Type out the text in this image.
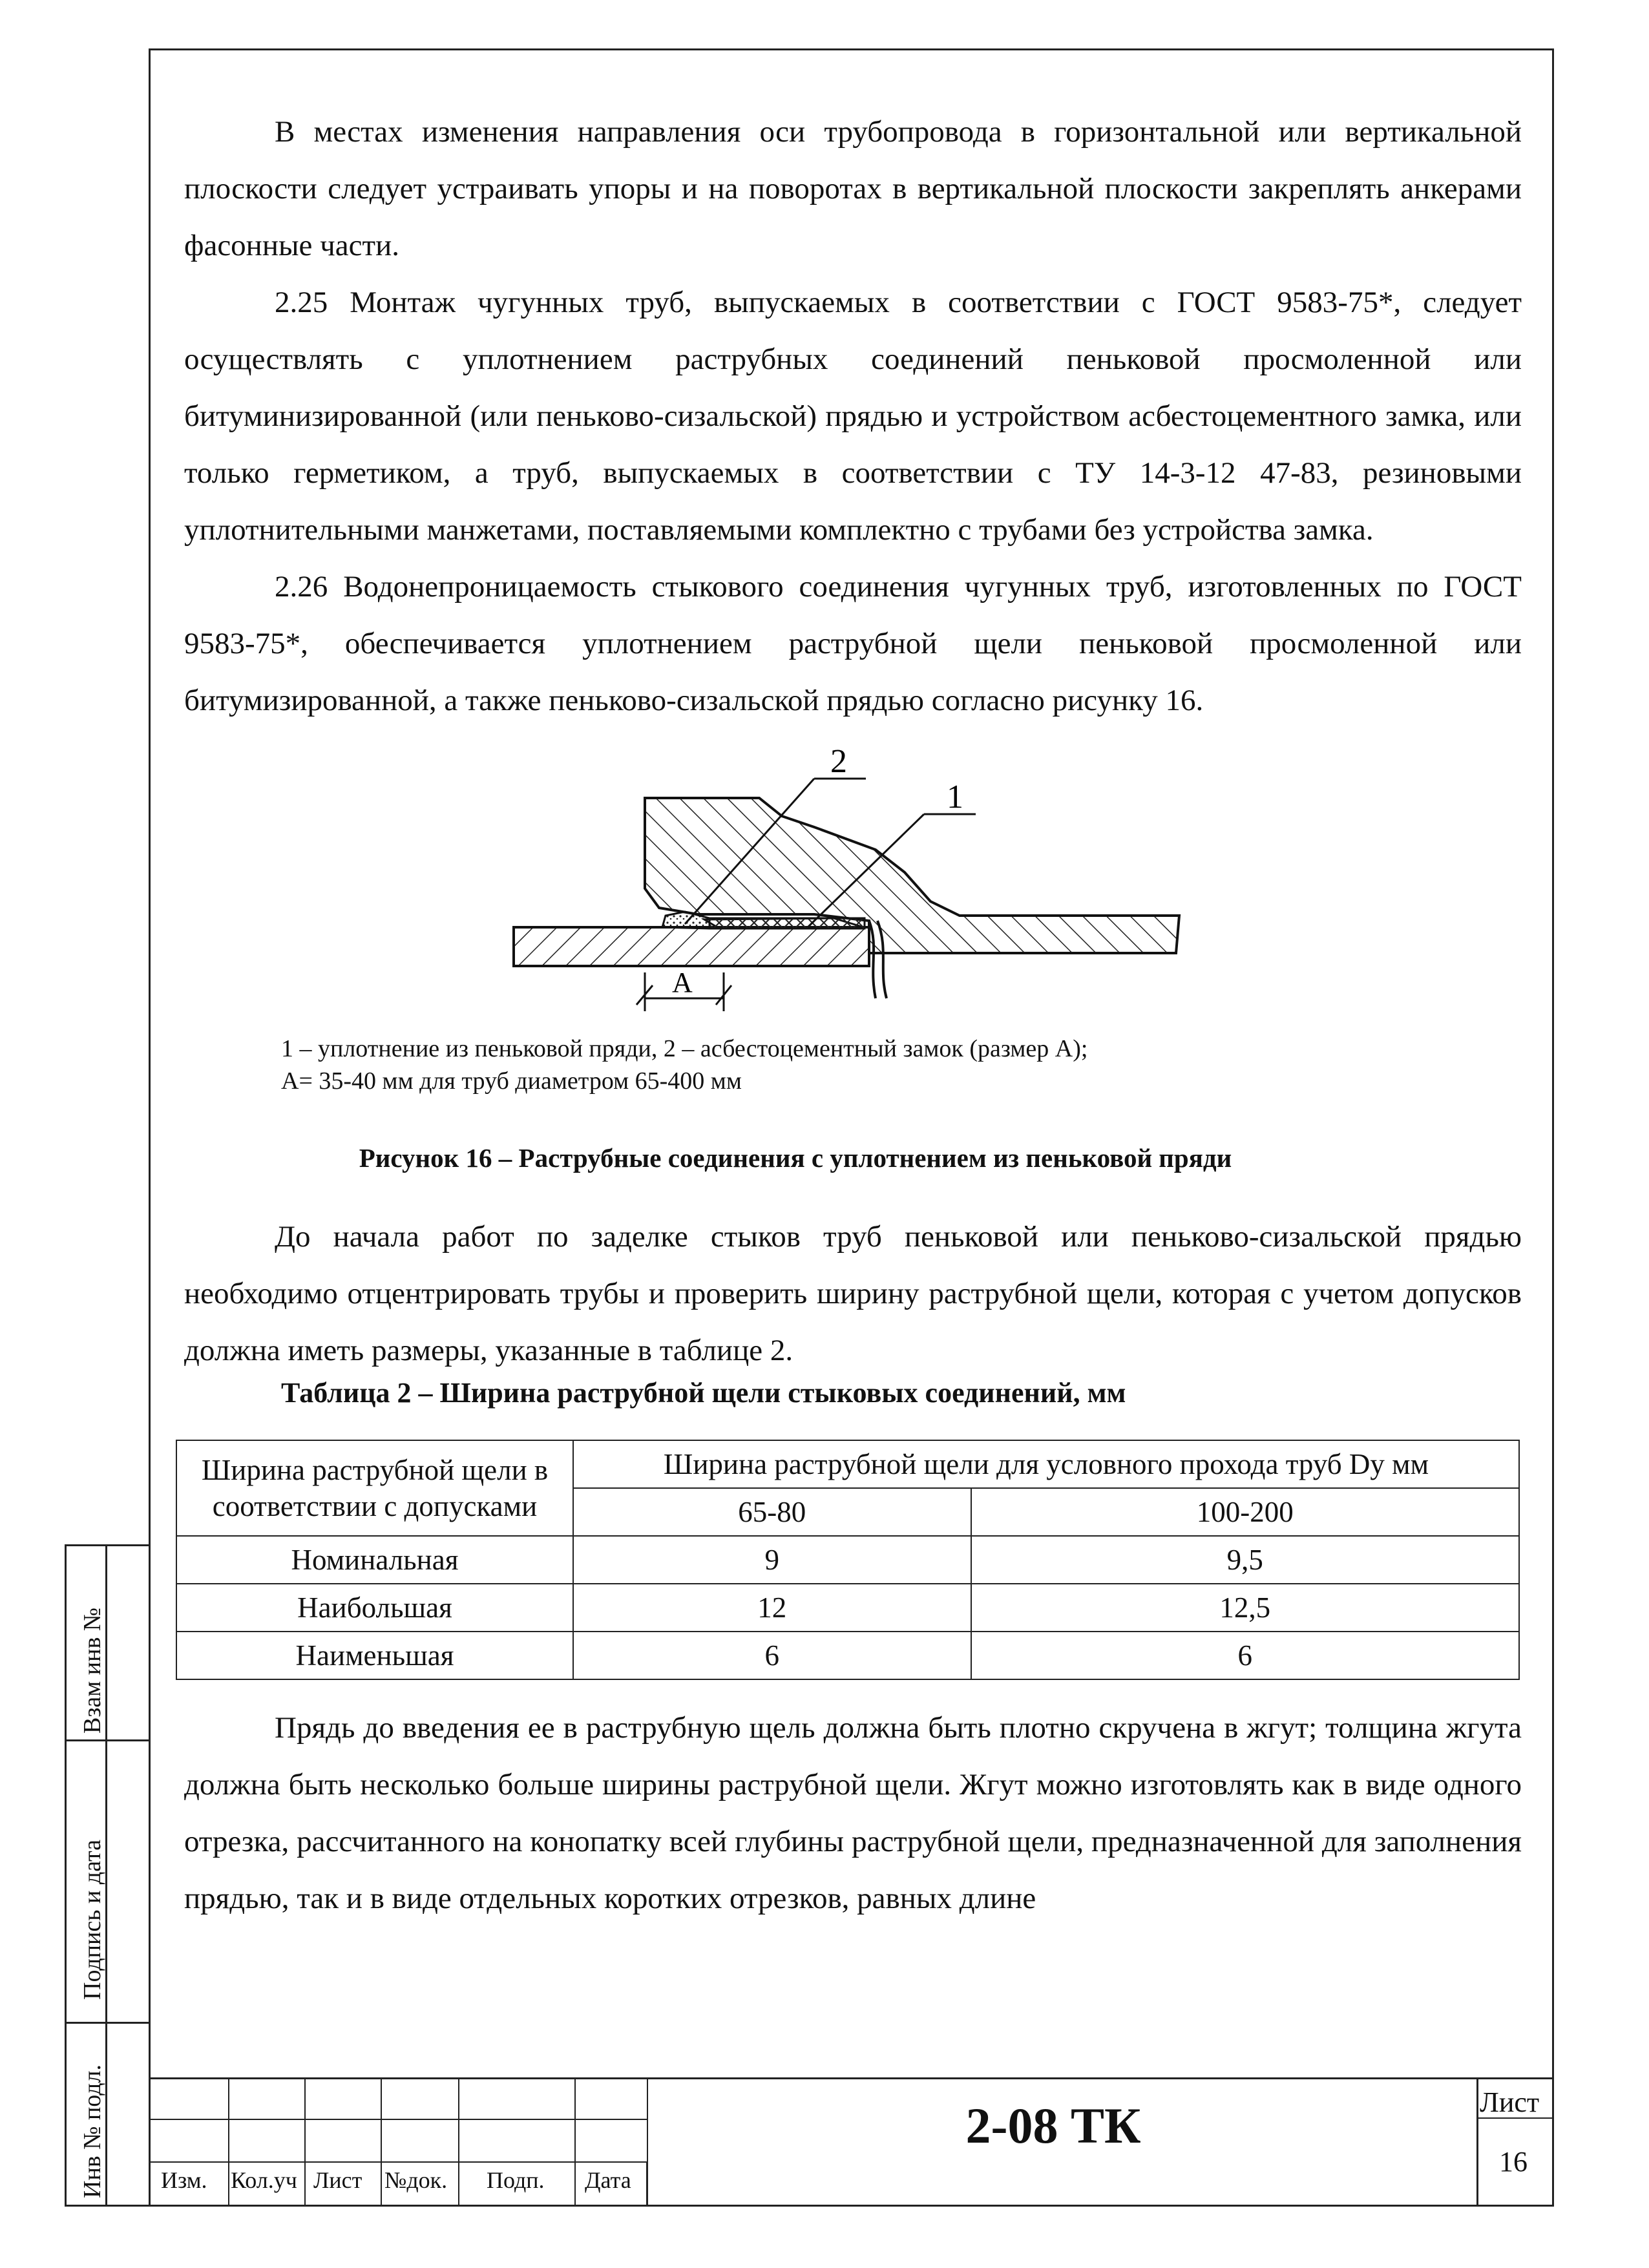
В местах изменения направления оси трубопровода в горизонтальной или вертикальной плоскости следует устраивать упоры и на поворотах в вертикальной плоскости закреплять анкерами фасонные части.

2.25 Монтаж чугунных труб, выпускаемых в соответствии с ГОСТ 9583-75*, следует осуществлять с уплотнением раструбных соединений пеньковой просмоленной или битуминизированной (или пеньково-сизальской) прядью и устройством асбестоцементного замка, или только герметиком, а труб, выпускаемых в соответствии с ТУ 14-3-12 47-83, резиновыми уплотнительными манжетами, поставляемыми комплектно с трубами без устройства замка.

2.26 Водонепроницаемость стыкового соединения чугунных труб, изготовленных по ГОСТ 9583-75*, обеспечивается уплотнением раструбной щели пеньковой просмоленной или битумизированной, а также пеньково-сизальской прядью согласно рисунку 16.

2
1
A
1 – уплотнение из пеньковой пряди, 2 – асбестоцементный замок (размер А);
А= 35-40 мм для труб диаметром 65-400 мм
Рисунок 16 – Раструбные соединения с уплотнением из пеньковой пряди

До начала работ по заделке стыков труб пеньковой или пеньково-сизальской прядью необходимо отцентрировать трубы и проверить ширину раструбной щели, которая с учетом допусков должна иметь размеры, указанные в таблице 2.

Таблица 2 – Ширина раструбной щели стыковых соединений, мм
Ширина раструбной щели в соответствии с допусками	Ширина раструбной щели для условного прохода труб Dy мм	
	65-80	100-200
Номинальная	9	9,5
Наибольшая	12	12,5
Наименьшая	6	6

Прядь до введения ее в раструбную щель должна быть плотно скручена в жгут; толщина жгута должна быть несколько больше ширины раструбной щели. Жгут можно изготовлять как в виде одного отрезка, рассчитанного на конопатку всей глубины раструбной щели, предназначенной для заполнения прядью, так и в виде отдельных коротких отрезков, равных длине

Взам инв №
Подпись и дата
Инв № подл. Изм. Кол.уч Лист №док. Подп. Дата
2-08 ТК	Лист
16
